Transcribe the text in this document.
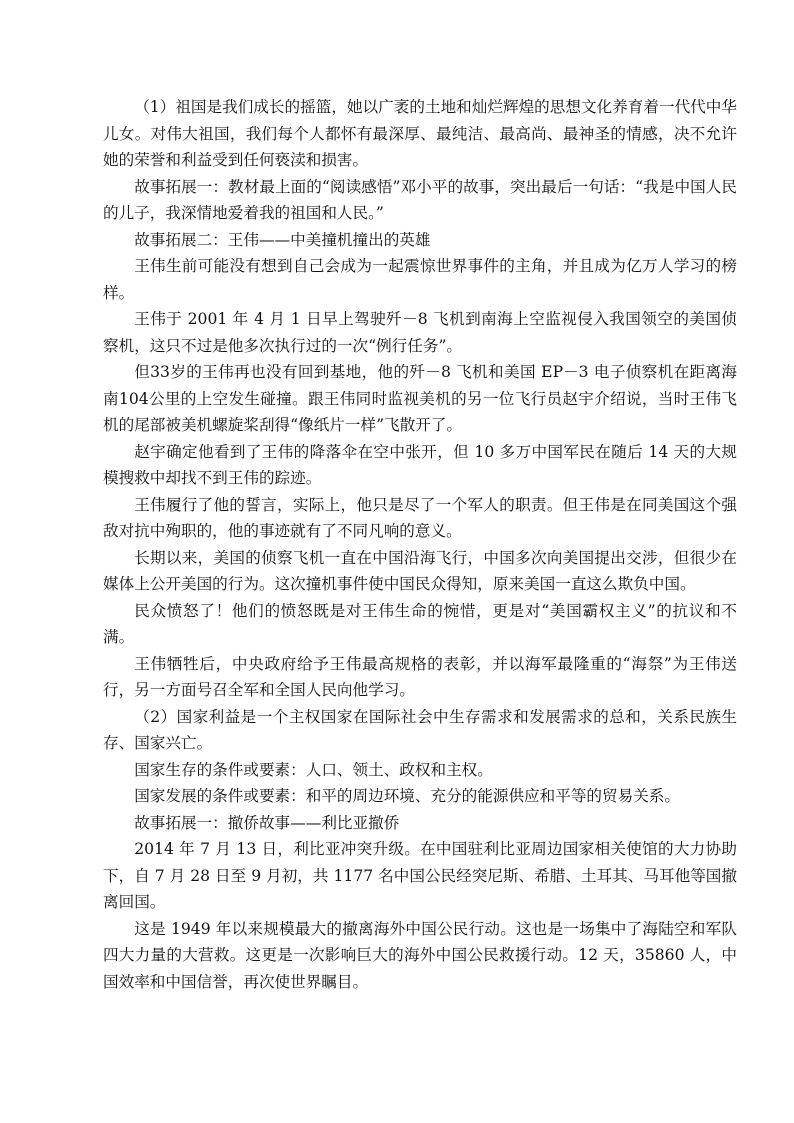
（1）祖国是我们成长的摇篮，她以广袤的土地和灿烂辉煌的思想文化养育着一代代中华儿女。对伟大祖国，我们每个人都怀有最深厚、最纯洁、最高尚、最神圣的情感，决不允许她的荣誉和利益受到任何亵渎和损害。

故事拓展一：教材最上面的“阅读感悟”邓小平的故事，突出最后一句话：“我是中国人民的儿子，我深情地爱着我的祖国和人民。”

故事拓展二：王伟——中美撞机撞出的英雄

王伟生前可能没有想到自己会成为一起震惊世界事件的主角，并且成为亿万人学习的榜样。

王伟于 2001 年 4 月 1 日早上驾驶歼－8 飞机到南海上空监视侵入我国领空的美国侦察机，这只不过是他多次执行过的一次“例行任务”。

但33岁的王伟再也没有回到基地，他的歼－8 飞机和美国 EP－3 电子侦察机在距离海南104公里的上空发生碰撞。跟王伟同时监视美机的另一位飞行员赵宇介绍说，当时王伟飞机的尾部被美机螺旋桨刮得“像纸片一样”飞散开了。

赵宇确定他看到了王伟的降落伞在空中张开，但 10 多万中国军民在随后 14 天的大规模搜救中却找不到王伟的踪迹。

王伟履行了他的誓言，实际上，他只是尽了一个军人的职责。但王伟是在同美国这个强敌对抗中殉职的，他的事迹就有了不同凡响的意义。

长期以来，美国的侦察飞机一直在中国沿海飞行，中国多次向美国提出交涉，但很少在媒体上公开美国的行为。这次撞机事件使中国民众得知，原来美国一直这么欺负中国。

民众愤怒了！他们的愤怒既是对王伟生命的惋惜，更是对“美国霸权主义”的抗议和不满。

王伟牺牲后，中央政府给予王伟最高规格的表彰，并以海军最隆重的“海祭”为王伟送行，另一方面号召全军和全国人民向他学习。

（2）国家利益是一个主权国家在国际社会中生存需求和发展需求的总和，关系民族生存、国家兴亡。

国家生存的条件或要素：人口、领土、政权和主权。

国家发展的条件或要素：和平的周边环境、充分的能源供应和平等的贸易关系。

故事拓展一：撤侨故事——利比亚撤侨

2014 年 7 月 13 日，利比亚冲突升级。在中国驻利比亚周边国家相关使馆的大力协助下，自 7 月 28 日至 9 月初，共 1177 名中国公民经突尼斯、希腊、土耳其、马耳他等国撤离回国。

这是 1949 年以来规模最大的撤离海外中国公民行动。这也是一场集中了海陆空和军队四大力量的大营救。这更是一次影响巨大的海外中国公民救援行动。12 天，35860 人，中国效率和中国信誉，再次使世界瞩目。
